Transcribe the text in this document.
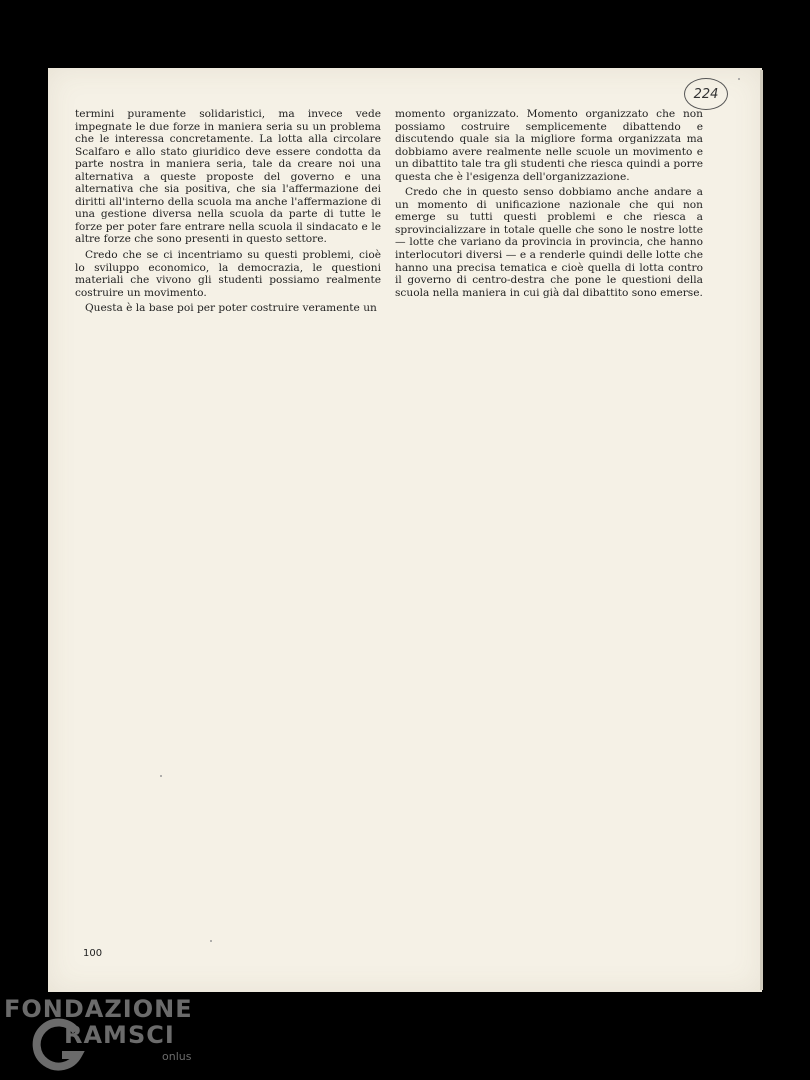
224

termini puramente solidaristici, ma invece vede impegnate le due forze in maniera seria su un problema che le interessa concretamente. La lotta alla circolare Scalfaro e allo stato giuridico deve essere condotta da parte nostra in maniera seria, tale da creare noi una alternativa a queste proposte del governo e una alternativa che sia positiva, che sia l'affermazione dei diritti all'interno della scuola ma anche l'affermazione di una gestione diversa nella scuola da parte di tutte le forze per poter fare entrare nella scuola il sindacato e le altre forze che sono presenti in questo settore.

Credo che se ci incentriamo su questi problemi, cioè lo sviluppo economico, la democrazia, le questioni materiali che vivono gli studenti possiamo realmente costruire un movimento.

Questa è la base poi per poter costruire veramente un

momento organizzato. Momento organizzato che non possiamo costruire semplicemente dibattendo e discutendo quale sia la migliore forma organizzata ma dobbiamo avere realmente nelle scuole un movimento e un dibattito tale tra gli studenti che riesca quindi a porre questa che è l'esigenza dell'organizzazione.

Credo che in questo senso dobbiamo anche andare a un momento di unificazione nazionale che qui non emerge su tutti questi problemi e che riesca a sprovincializzare in totale quelle che sono le nostre lotte — lotte che variano da provincia in provincia, che hanno interlocutori diversi — e a renderle quindi delle lotte che hanno una precisa tematica e cioè quella di lotta contro il governo di centro-destra che pone le questioni della scuola nella maniera in cui già dal dibattito sono emerse.

100
FONDAZIONE
RAMSCI
onlus
